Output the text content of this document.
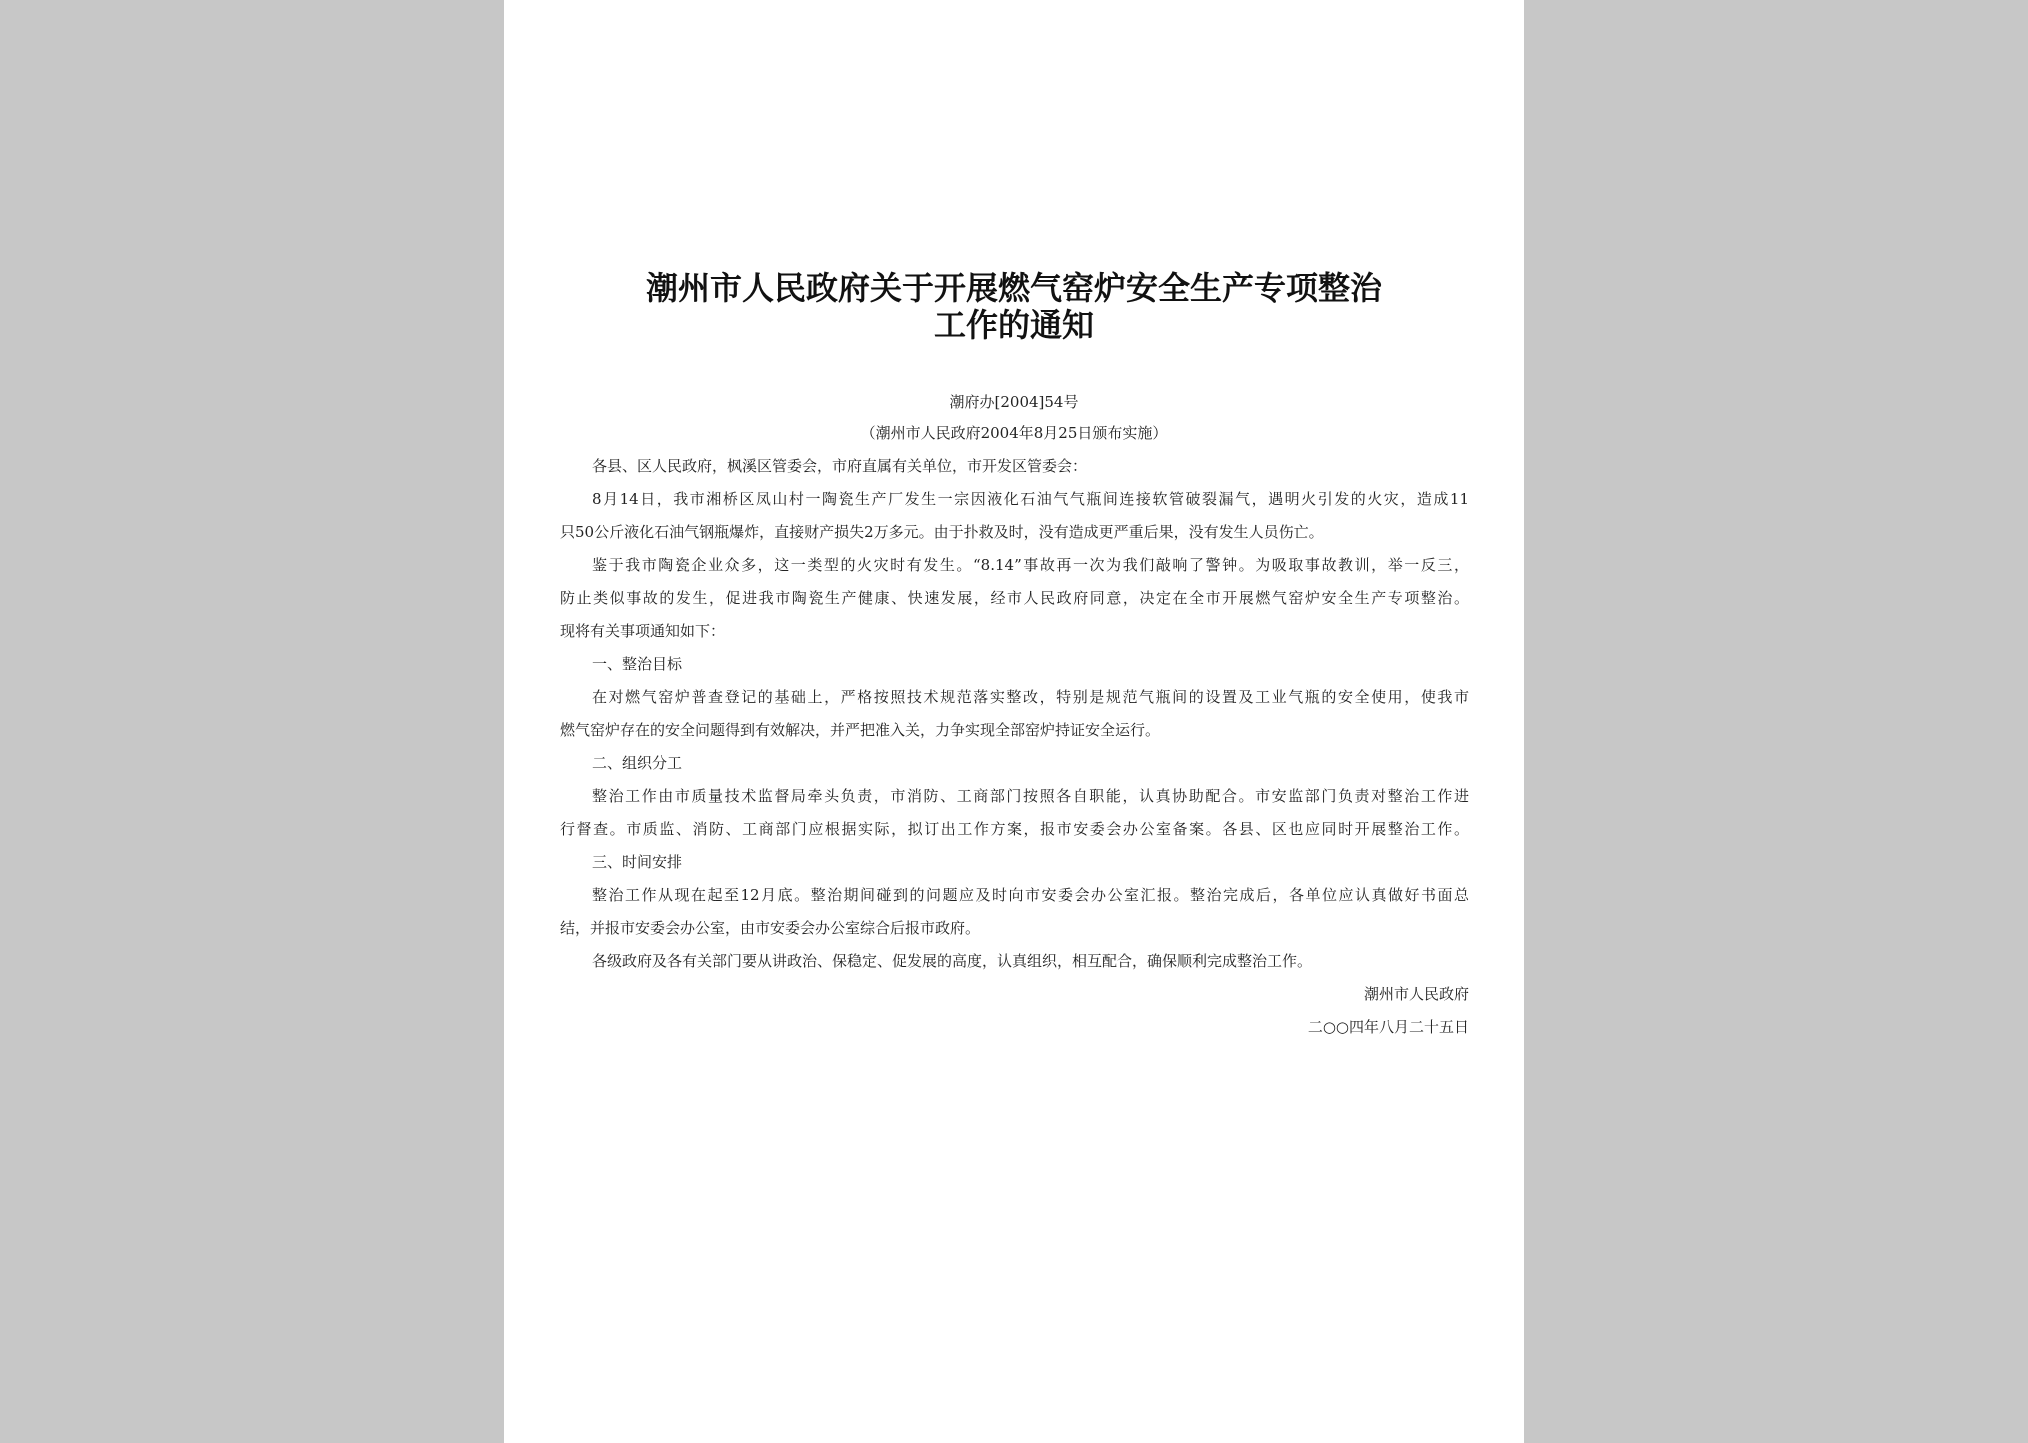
潮州市人民政府关于开展燃气窑炉安全生产专项整治
工作的通知
潮府办[2004]54号
（潮州市人民政府2004年8月25日颁布实施）
各县、区人民政府，枫溪区管委会，市府直属有关单位，市开发区管委会：
8月14日，我市湘桥区凤山村一陶瓷生产厂发生一宗因液化石油气气瓶间连接软管破裂漏气，遇明火引发的火灾，造成11
只50公斤液化石油气钢瓶爆炸，直接财产损失2万多元。由于扑救及时，没有造成更严重后果，没有发生人员伤亡。
鉴于我市陶瓷企业众多，这一类型的火灾时有发生。“8.14”事故再一次为我们敲响了警钟。为吸取事故教训，举一反三，
防止类似事故的发生，促进我市陶瓷生产健康、快速发展，经市人民政府同意，决定在全市开展燃气窑炉安全生产专项整治。
现将有关事项通知如下：
一、整治目标
在对燃气窑炉普查登记的基础上，严格按照技术规范落实整改，特别是规范气瓶间的设置及工业气瓶的安全使用，使我市
燃气窑炉存在的安全问题得到有效解决，并严把准入关，力争实现全部窑炉持证安全运行。
二、组织分工
整治工作由市质量技术监督局牵头负责，市消防、工商部门按照各自职能，认真协助配合。市安监部门负责对整治工作进
行督查。市质监、消防、工商部门应根据实际，拟订出工作方案，报市安委会办公室备案。各县、区也应同时开展整治工作。
三、时间安排
整治工作从现在起至12月底。整治期间碰到的问题应及时向市安委会办公室汇报。整治完成后，各单位应认真做好书面总
结，并报市安委会办公室，由市安委会办公室综合后报市政府。
各级政府及各有关部门要从讲政治、保稳定、促发展的高度，认真组织，相互配合，确保顺利完成整治工作。
潮州市人民政府
二○○四年八月二十五日
